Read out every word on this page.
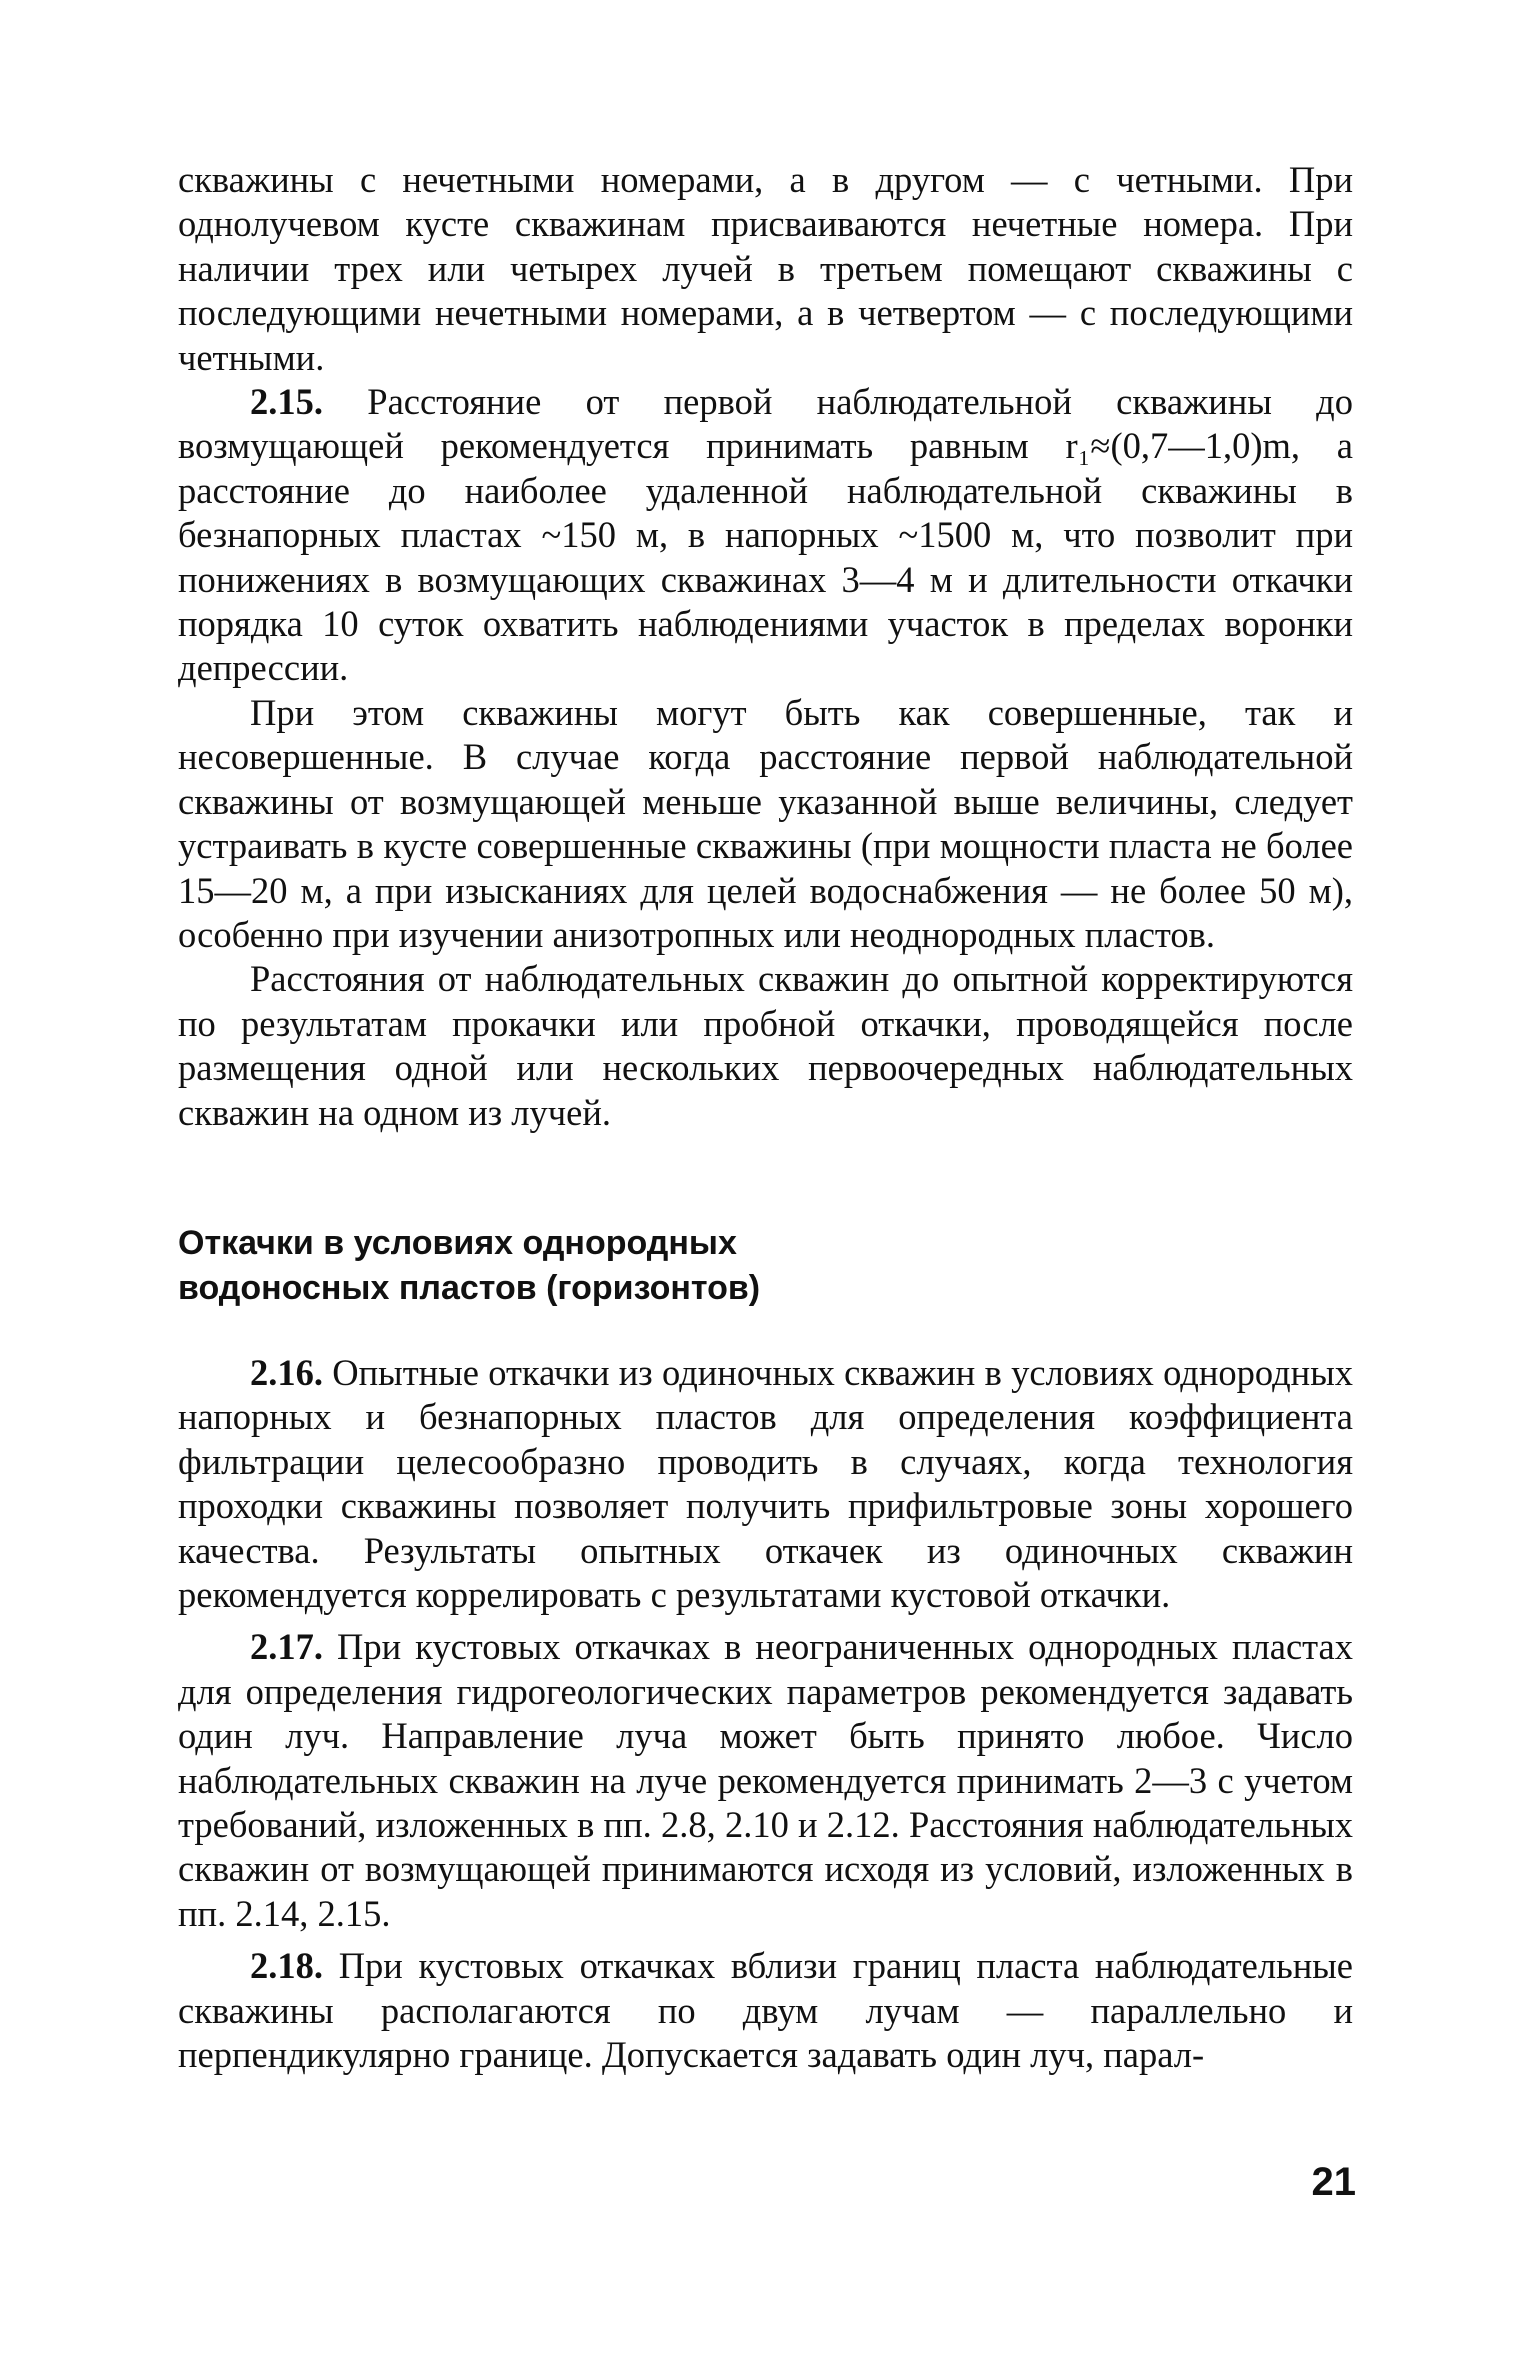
скважины с нечетными номерами, а в другом — с четными. При однолучевом кусте скважинам присваиваются нечетные номера. При наличии трех или четырех лучей в третьем помещают скважины с последующими нечетными номерами, а в четвертом — с последующими четными.

2.15. Расстояние от первой наблюдательной скважины до возмущающей рекомендуется принимать равным r₁≈(0,7—1,0)m, а расстояние до наиболее удаленной наблюдательной скважины в безнапорных пластах ~150 м, в напорных ~1500 м, что позволит при понижениях в возмущающих скважинах 3—4 м и длительности откачки порядка 10 суток охватить наблюдениями участок в пределах воронки депрессии.

При этом скважины могут быть как совершенные, так и несовершенные. В случае когда расстояние первой наблюдательной скважины от возмущающей меньше указанной выше величины, следует устраивать в кусте совершенные скважины (при мощности пласта не более 15—20 м, а при изысканиях для целей водоснабжения — не более 50 м), особенно при изучении анизотропных или неоднородных пластов.

Расстояния от наблюдательных скважин до опытной корректируются по результатам прокачки или пробной откачки, проводящейся после размещения одной или нескольких первоочередных наблюдательных скважин на одном из лучей.

Откачки в условиях однородных

водоносных пластов (горизонтов)

2.16. Опытные откачки из одиночных скважин в условиях однородных напорных и безнапорных пластов для определения коэффициента фильтрации целесообразно проводить в случаях, когда технология проходки скважины позволяет получить прифильтровые зоны хорошего качества. Результаты опытных откачек из одиночных скважин рекомендуется коррелировать с результатами кустовой откачки.

2.17. При кустовых откачках в неограниченных однородных пластах для определения гидрогеологических параметров рекомендуется задавать один луч. Направление луча может быть принято любое. Число наблюдательных скважин на луче рекомендуется принимать 2—3 с учетом требований, изложенных в пп. 2.8, 2.10 и 2.12. Расстояния наблюдательных скважин от возмущающей принимаются исходя из условий, изложенных в пп. 2.14, 2.15.

2.18. При кустовых откачках вблизи границ пласта наблюдательные скважины располагаются по двум лучам — параллельно и перпендикулярно границе. Допускается задавать один луч, парал-

21
